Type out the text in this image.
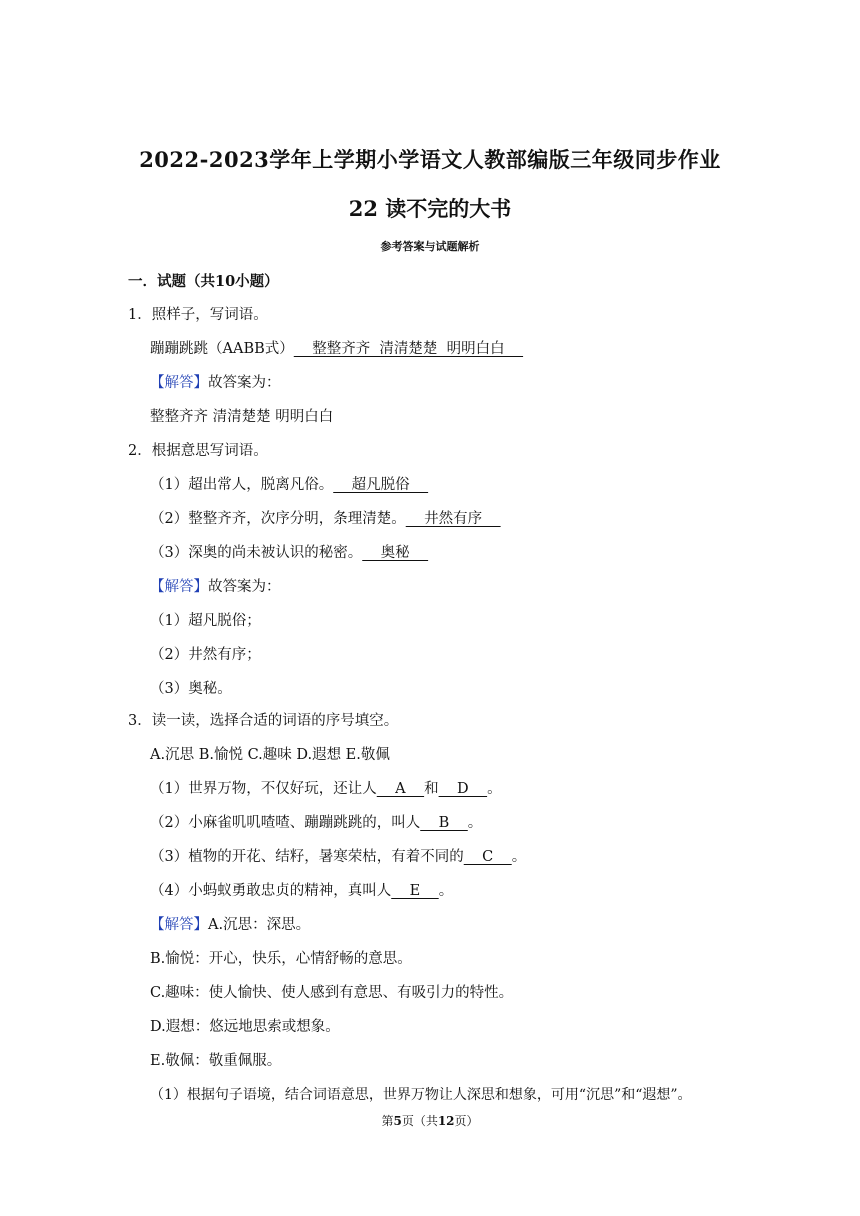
2022-2023学年上学期小学语文人教部编版三年级同步作业
22 读不完的大书
参考答案与试题解析
一．试题（共10小题）
1．照样子，写词语。
蹦蹦跳跳（AABB式）    整整齐齐  清清楚楚  明明白白
【解答】故答案为：
整整齐齐 清清楚楚 明明白白
2．根据意思写词语。
（1）超出常人，脱离凡俗。    超凡脱俗
（2）整整齐齐，次序分明，条理清楚。    井然有序
（3）深奥的尚未被认识的秘密。    奥秘
【解答】故答案为：
（1）超凡脱俗；
（2）井然有序；
（3）奥秘。
3．读一读，选择合适的词语的序号填空。
A.沉思 B.愉悦 C.趣味 D.遐想 E.敬佩
（1）世界万物，不仅好玩，还让人    A    和    D    。
（2）小麻雀叽叽喳喳、蹦蹦跳跳的，叫人    B    。
（3）植物的开花、结籽，暑寒荣枯，有着不同的    C    。
（4）小蚂蚁勇敢忠贞的精神，真叫人    E    。
【解答】A.沉思：深思。
B.愉悦：开心，快乐，心情舒畅的意思。
C.趣味：使人愉快、使人感到有意思、有吸引力的特性。
D.遐想：悠远地思索或想象。
E.敬佩：敬重佩服。
（1）根据句子语境，结合词语意思，世界万物让人深思和想象，可用“沉思”和“遐想”。
第5页（共12页）
